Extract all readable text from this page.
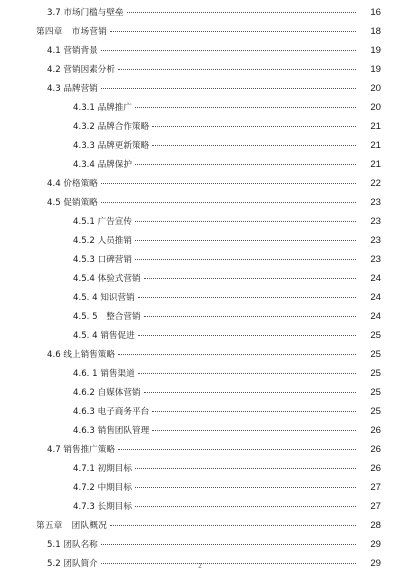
3.7 市场门槛与壁垒	16
第四章　市场营销	18
4.1 营销背景	19
4.2 营销因素分析	19
4.3 品牌营销	20
4.3.1 品牌推广	20
4.3.2 品牌合作策略	21
4.3.3 品牌更新策略	21
4.3.4 品牌保护	21
4.4 价格策略	22
4.5 促销策略	23
4.5.1 广告宣传	23
4.5.2 人员推销	23
4.5.3 口碑营销	23
4.5.4 体验式营销	24
4.5. 4 知识营销	24
4.5. 5　整合营销	24
4.5. 4 销售促进	25
4.6 线上销售策略	25
4.6. 1 销售渠道	25
4.6.2 自媒体营销	25
4.6.3 电子商务平台	25
4.6.3 销售团队管理	26
4.7 销售推广策略	26
4.7.1 初期目标	26
4.7.2 中期目标	27
4.7.3 长期目标	27
第五章　团队概况	28
5.1 团队名称	29
5.2 团队简介	29
2
